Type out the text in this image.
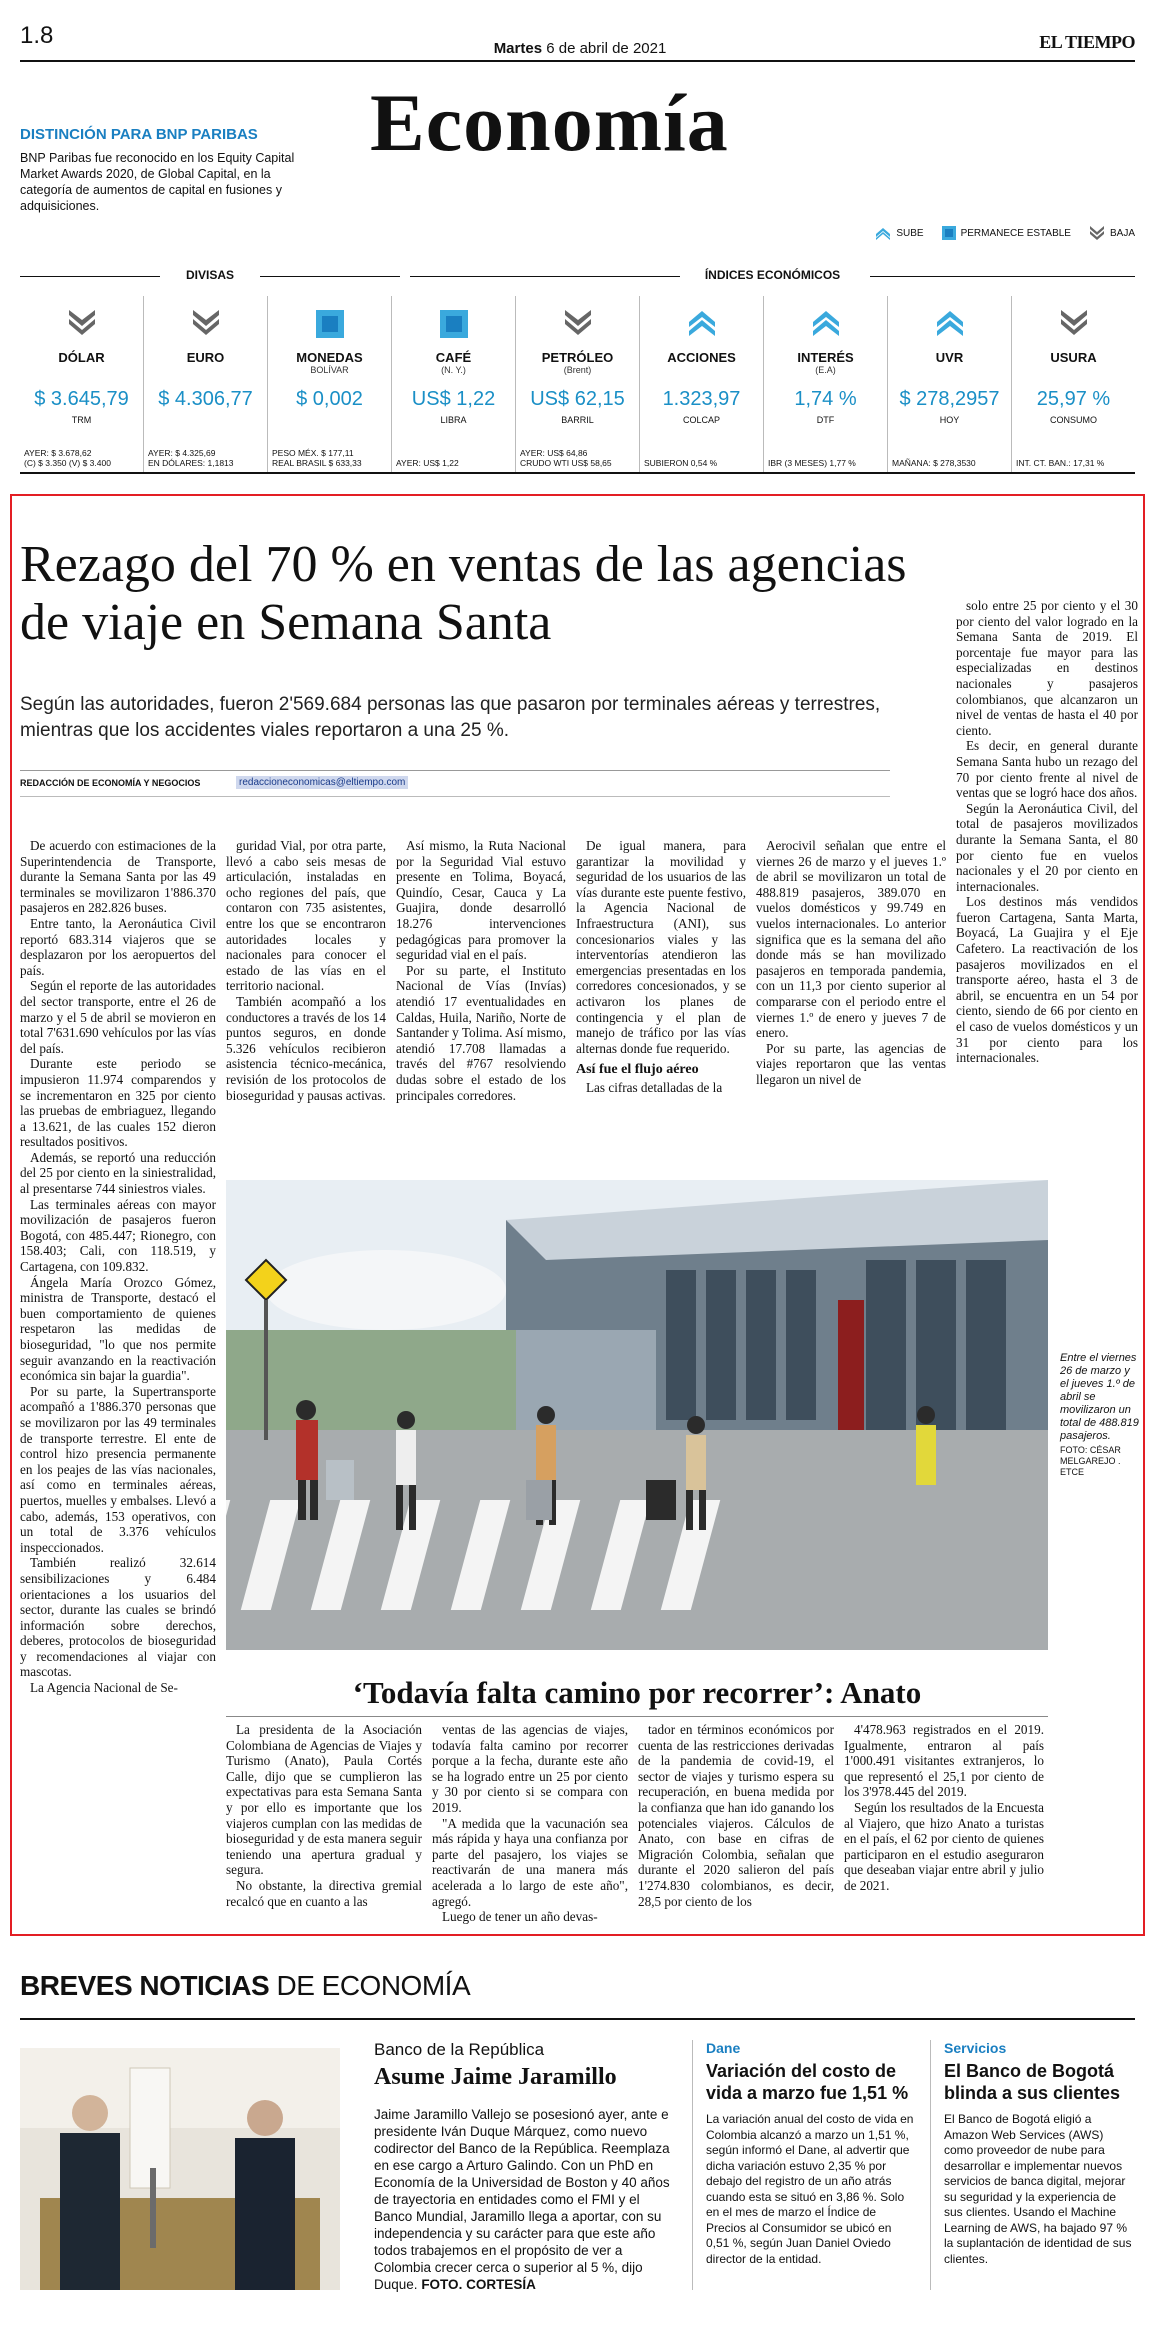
1.8	Martes 6 de abril de 2021	EL TIEMPO
Economía
DISTINCIÓN PARA BNP PARIBAS
BNP Paribas fue reconocido en los Equity Capital Market Awards 2020, de Global Capital, en la categoría de aumentos de capital en fusiones y adquisiciones.
SUBE	PERMANECE ESTABLE	BAJA
DIVISAS	ÍNDICES ECONÓMICOS
DÓLAR
$ 3.645,79
TRM
AYER: $ 3.678,62
(C) $ 3.350 (V) $ 3.400
EURO
$ 4.306,77
AYER: $ 4.325,69
EN DÓLARES: 1,1813
MONEDAS
BOLÍVAR
$ 0,002
PESO MÉX. $ 177,11
REAL BRASIL $ 633,33
CAFÉ
(N. Y.)
US$ 1,22
LIBRA
AYER: US$ 1,22
PETRÓLEO
(Brent)
US$ 62,15
BARRIL
AYER: US$ 64,86
CRUDO WTI US$ 58,65
ACCIONES
1.323,97
COLCAP
SUBIERON 0,54 %
INTERÉS
(E.A)
1,74 %
DTF
IBR (3 MESES) 1,77 %
UVR
$ 278,2957
HOY
MAÑANA: $ 278,3530
USURA
25,97 %
CONSUMO
INT. CT. BAN.: 17,31 %
Rezago del 70 % en ventas de las agencias de viaje en Semana Santa
Según las autoridades, fueron 2'569.684 personas las que pasaron por terminales aéreas y terrestres, mientras que los accidentes viales reportaron a una 25 %.
REDACCIÓN DE ECONOMÍA Y NEGOCIOS	redaccioneconomicas@eltiempo.com

De acuerdo con estimaciones de la Superintendencia de Transporte, durante la Semana Santa por las 49 terminales se movilizaron 1'886.370 pasajeros en 282.826 buses.

Entre tanto, la Aeronáutica Civil reportó 683.314 viajeros que se desplazaron por los aeropuertos del país.

Según el reporte de las autoridades del sector transporte, entre el 26 de marzo y el 5 de abril se movieron en total 7'631.690 vehículos por las vías del país.

Durante este periodo se impusieron 11.974 comparendos y se incrementaron en 325 por ciento las pruebas de embriaguez, llegando a 13.621, de las cuales 152 dieron resultados positivos.

Además, se reportó una reducción del 25 por ciento en la siniestralidad, al presentarse 744 siniestros viales.

Las terminales aéreas con mayor movilización de pasajeros fueron Bogotá, con 485.447; Rionegro, con 158.403; Cali, con 118.519, y Cartagena, con 109.832.

Ángela María Orozco Gómez, ministra de Transporte, destacó el buen comportamiento de quienes respetaron las medidas de bioseguridad, "lo que nos permite seguir avanzando en la reactivación económica sin bajar la guardia".

Por su parte, la Supertransporte acompañó a 1'886.370 personas que se movilizaron por las 49 terminales de transporte terrestre. El ente de control hizo presencia permanente en los peajes de las vías nacionales, así como en terminales aéreas, puertos, muelles y embalses. Llevó a cabo, además, 153 operativos, con un total de 3.376 vehículos inspeccionados.

También realizó 32.614 sensibilizaciones y 6.484 orientaciones a los usuarios del sector, durante las cuales se brindó información sobre derechos, deberes, protocolos de bioseguridad y recomendaciones al viajar con mascotas.

La Agencia Nacional de Se-

guridad Vial, por otra parte, llevó a cabo seis mesas de articulación, instaladas en ocho regiones del país, que contaron con 735 asistentes, entre los que se encontraron autoridades locales y nacionales para conocer el estado de las vías en el territorio nacional.

También acompañó a los conductores a través de los 14 puntos seguros, en donde 5.326 vehículos recibieron asistencia técnico-mecánica, revisión de los protocolos de bioseguridad y pausas activas.

Así mismo, la Ruta Nacional por la Seguridad Vial estuvo presente en Tolima, Boyacá, Quindío, Cesar, Cauca y La Guajira, donde desarrolló 18.276 intervenciones pedagógicas para promover la seguridad vial en el país.

Por su parte, el Instituto Nacional de Vías (Invías) atendió 17 eventualidades en Caldas, Huila, Nariño, Norte de Santander y Tolima. Así mismo, atendió 17.708 llamadas a través del #767 resolviendo dudas sobre el estado de los principales corredores.

De igual manera, para garantizar la movilidad y seguridad de los usuarios de las vías durante este puente festivo, la Agencia Nacional de Infraestructura (ANI), sus concesionarios viales y las interventorías atendieron las emergencias presentadas en los corredores concesionados, y se activaron los planes de contingencia y el plan de manejo de tráfico por las vías alternas donde fue requerido.

Así fue el flujo aéreo

Las cifras detalladas de la

Aerocivil señalan que entre el viernes 26 de marzo y el jueves 1.º de abril se movilizaron un total de 488.819 pasajeros, 389.070 en vuelos domésticos y 99.749 en vuelos internacionales. Lo anterior significa que es la semana del año donde más se han movilizado pasajeros en temporada pandemia, con un 11,3 por ciento superior al compararse con el periodo entre el viernes 1.º de enero y jueves 7 de enero.

Por su parte, las agencias de viajes reportaron que las ventas llegaron un nivel de

solo entre 25 por ciento y el 30 por ciento del valor logrado en la Semana Santa de 2019. El porcentaje fue mayor para las especializadas en destinos nacionales y pasajeros colombianos, que alcanzaron un nivel de ventas de hasta el 40 por ciento.

Es decir, en general durante Semana Santa hubo un rezago del 70 por ciento frente al nivel de ventas que se logró hace dos años.

Según la Aeronáutica Civil, del total de pasajeros movilizados durante la Semana Santa, el 80 por ciento fue en vuelos nacionales y el 20 por ciento en internacionales.

Los destinos más vendidos fueron Cartagena, Santa Marta, Boyacá, La Guajira y el Eje Cafetero. La reactivación de los pasajeros movilizados en el transporte aéreo, hasta el 3 de abril, se encuentra en un 54 por ciento, siendo de 66 por ciento en el caso de vuelos domésticos y un 31 por ciento para los internacionales.

Entre el viernes 26 de marzo y el jueves 1.º de abril se movilizaron un total de 488.819 pasajeros.
FOTO: CÉSAR MELGAREJO . ETCE
‘Todavía falta camino por recorrer’: Anato

La presidenta de la Asociación Colombiana de Agencias de Viajes y Turismo (Anato), Paula Cortés Calle, dijo que se cumplieron las expectativas para esta Semana Santa y por ello es importante que los viajeros cumplan con las medidas de bioseguridad y de esta manera seguir teniendo una apertura gradual y segura.

No obstante, la directiva gremial recalcó que en cuanto a las

ventas de las agencias de viajes, todavía falta camino por recorrer porque a la fecha, durante este año se ha logrado entre un 25 por ciento y 30 por ciento si se compara con 2019.

"A medida que la vacunación sea más rápida y haya una confianza por parte del pasajero, los viajes se reactivarán de una manera más acelerada a lo largo de este año", agregó.

Luego de tener un año devas-

tador en términos económicos por cuenta de las restricciones derivadas de la pandemia de covid-19, el sector de viajes y turismo espera su recuperación, en buena medida por la confianza que han ido ganando los potenciales viajeros. Cálculos de Anato, con base en cifras de Migración Colombia, señalan que durante el 2020 salieron del país 1'274.830 colombianos, es decir, 28,5 por ciento de los

4'478.963 registrados en el 2019. Igualmente, entraron al país 1'000.491 visitantes extranjeros, lo que representó el 25,1 por ciento de los 3'978.445 del 2019.

Según los resultados de la Encuesta al Viajero, que hizo Anato a turistas en el país, el 62 por ciento de quienes participaron en el estudio aseguraron que deseaban viajar entre abril y julio de 2021.

BREVES NOTICIAS DE ECONOMÍA
Banco de la República
Asume Jaime Jaramillo
Jaime Jaramillo Vallejo se posesionó ayer, ante e presidente Iván Duque Márquez, como nuevo codirector del Banco de la República. Reemplaza en ese cargo a Arturo Galindo. Con un PhD en Economía de la Universidad de Boston y 40 años de trayectoria en entidades como el FMI y el Banco Mundial, Jaramillo llega a aportar, con su independencia y su carácter para que este año todos trabajemos en el propósito de ver a Colombia crecer cerca o superior al 5 %, dijo Duque. FOTO. CORTESÍA
Dane
Variación del costo de vida a marzo fue 1,51 %
La variación anual del costo de vida en Colombia alcanzó a marzo un 1,51 %, según informó el Dane, al advertir que dicha variación estuvo 2,35 % por debajo del registro de un año atrás cuando esta se situó en 3,86 %. Solo en el mes de marzo el Índice de Precios al Consumidor se ubicó en 0,51 %, según Juan Daniel Oviedo director de la entidad.
Servicios
El Banco de Bogotá blinda a sus clientes
El Banco de Bogotá eligió a Amazon Web Services (AWS) como proveedor de nube para desarrollar e implementar nuevos servicios de banca digital, mejorar su seguridad y la experiencia de sus clientes. Usando el Machine Learning de AWS, ha bajado 97 % la suplantación de identidad de sus clientes.
